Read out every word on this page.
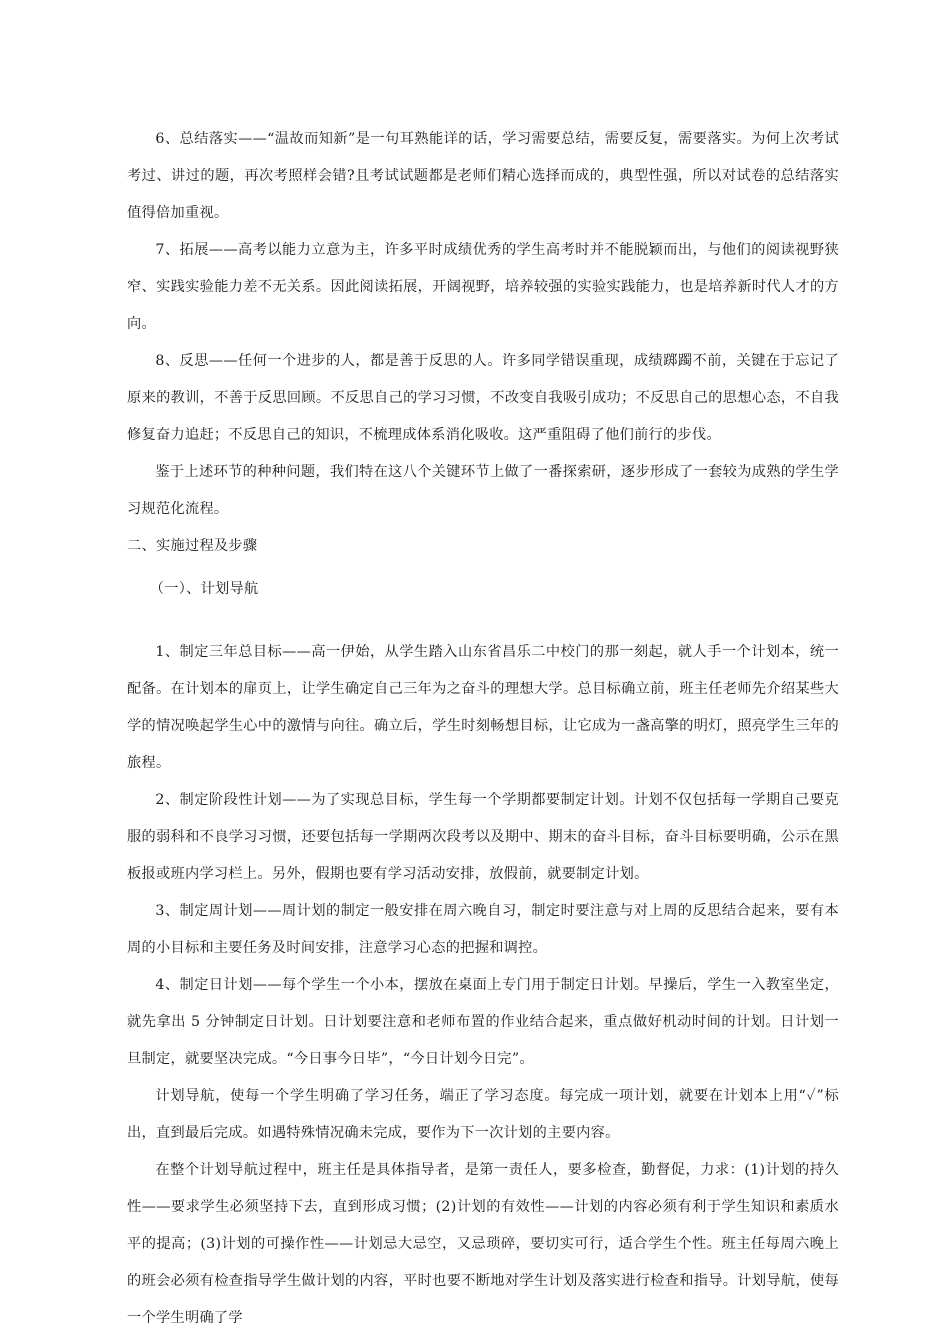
6、总结落实——“温故而知新”是一句耳熟能详的话，学习需要总结，需要反复，需要落实。为何上次考试考过、讲过的题，再次考照样会错?且考试试题都是老师们精心选择而成的，典型性强，所以对试卷的总结落实值得倍加重视。

7、拓展——高考以能力立意为主，许多平时成绩优秀的学生高考时并不能脱颖而出，与他们的阅读视野狭窄、实践实验能力差不无关系。因此阅读拓展，开阔视野，培养较强的实验实践能力，也是培养新时代人才的方向。

8、反思——任何一个进步的人，都是善于反思的人。许多同学错误重现，成绩踯躅不前，关键在于忘记了原来的教训，不善于反思回顾。不反思自己的学习习惯，不改变自我吸引成功；不反思自己的思想心态，不自我修复奋力追赶；不反思自己的知识，不梳理成体系消化吸收。这严重阻碍了他们前行的步伐。

鉴于上述环节的种种问题，我们特在这八个关键环节上做了一番探索研，逐步形成了一套较为成熟的学生学习规范化流程。

二、实施过程及步骤

（一）、计划导航

1、制定三年总目标——高一伊始，从学生踏入山东省昌乐二中校门的那一刻起，就人手一个计划本，统一配备。在计划本的扉页上，让学生确定自己三年为之奋斗的理想大学。总目标确立前，班主任老师先介绍某些大学的情况唤起学生心中的激情与向往。确立后，学生时刻畅想目标，让它成为一盏高擎的明灯，照亮学生三年的旅程。

2、制定阶段性计划——为了实现总目标，学生每一个学期都要制定计划。计划不仅包括每一学期自己要克服的弱科和不良学习习惯，还要包括每一学期两次段考以及期中、期末的奋斗目标，奋斗目标要明确，公示在黑板报或班内学习栏上。另外，假期也要有学习活动安排，放假前，就要制定计划。

3、制定周计划——周计划的制定一般安排在周六晚自习，制定时要注意与对上周的反思结合起来，要有本周的小目标和主要任务及时间安排，注意学习心态的把握和调控。

4、制定日计划——每个学生一个小本，摆放在桌面上专门用于制定日计划。早操后，学生一入教室坐定，就先拿出 5 分钟制定日计划。日计划要注意和老师布置的作业结合起来，重点做好机动时间的计划。日计划一旦制定，就要坚决完成。“今日事今日毕”，“今日计划今日完”。

计划导航，使每一个学生明确了学习任务，端正了学习态度。每完成一项计划，就要在计划本上用“✓”标出，直到最后完成。如遇特殊情况确未完成，要作为下一次计划的主要内容。

在整个计划导航过程中，班主任是具体指导者，是第一责任人，要多检查，勤督促，力求：(1)计划的持久性——要求学生必须坚持下去，直到形成习惯；(2)计划的有效性——计划的内容必须有利于学生知识和素质水平的提高；(3)计划的可操作性——计划忌大忌空，又忌琐碎，要切实可行，适合学生个性。班主任每周六晚上的班会必须有检查指导学生做计划的内容，平时也要不断地对学生计划及落实进行检查和指导。计划导航，使每一个学生明确了学
